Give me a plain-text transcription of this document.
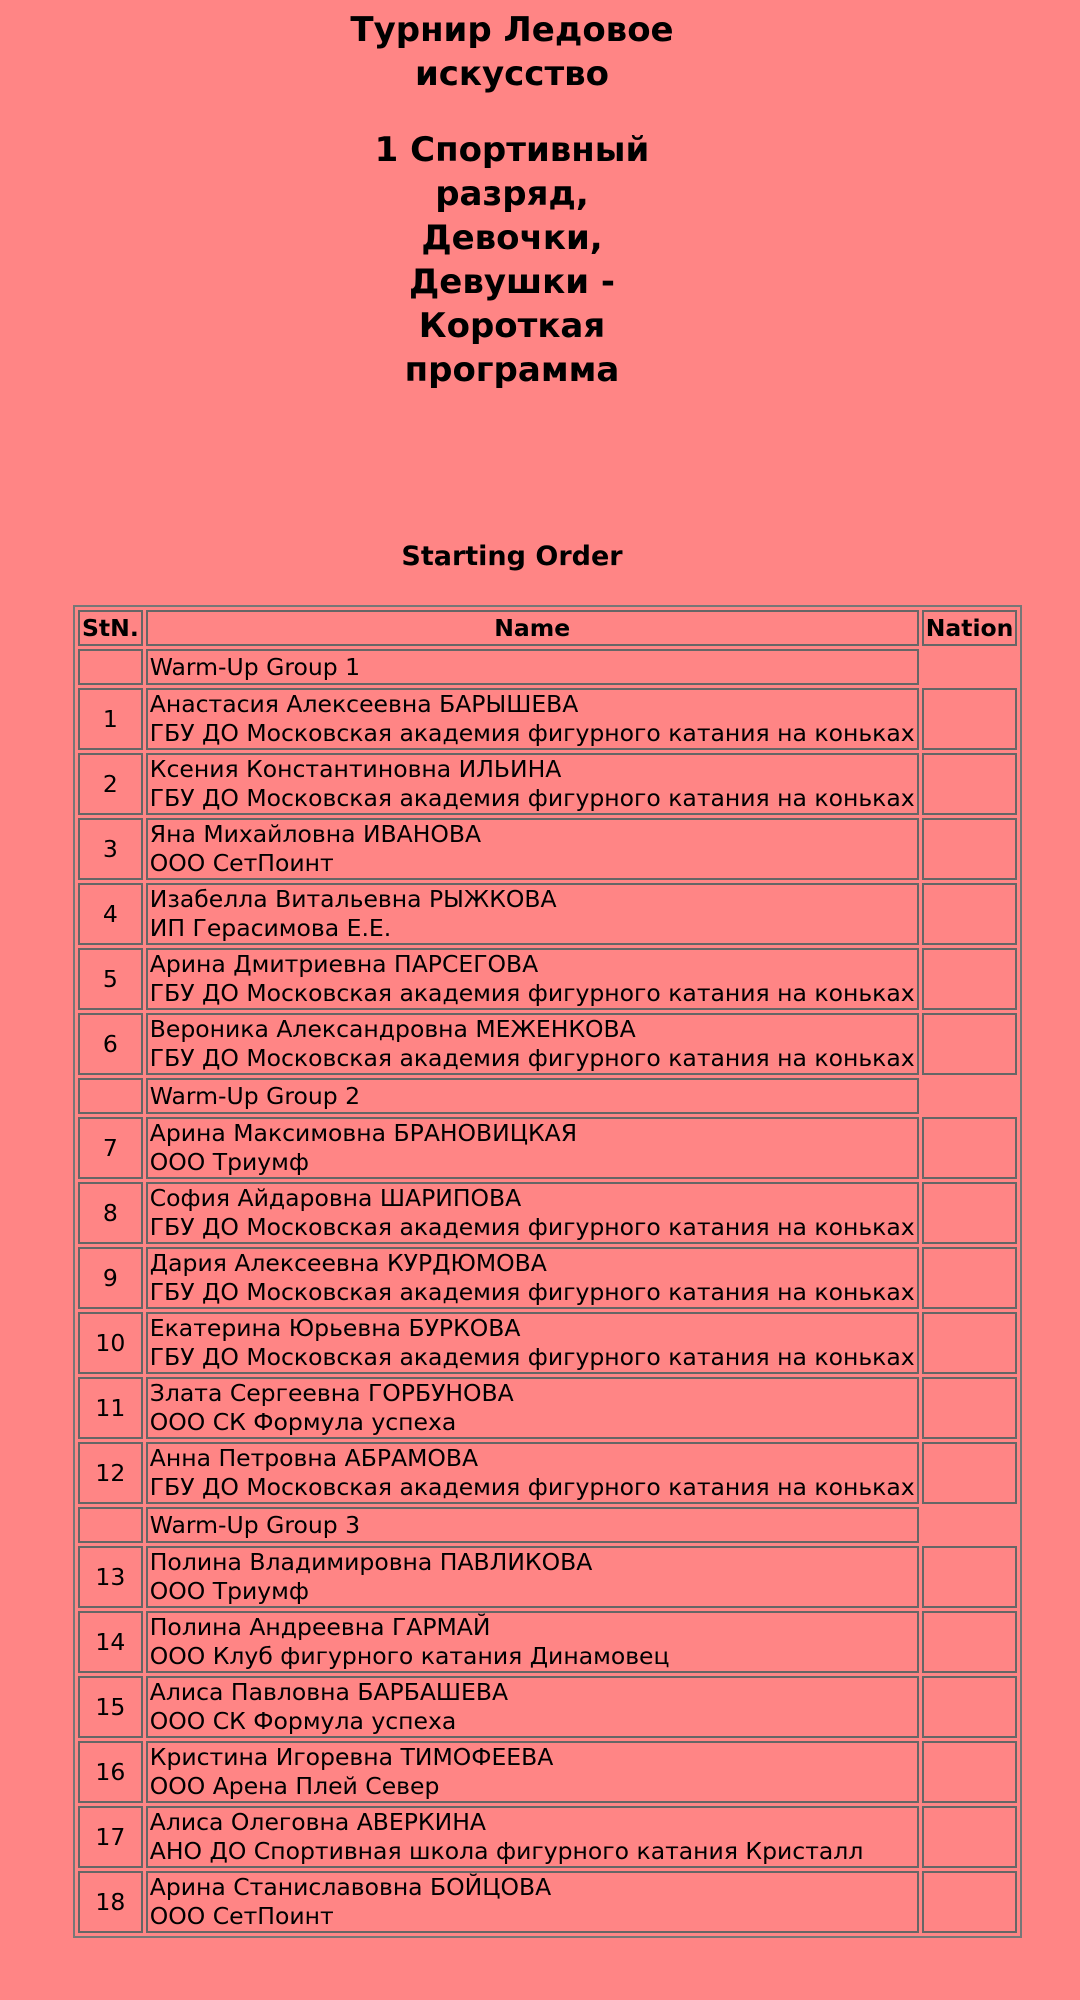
Турнир Ледовое искусство

1 Спортивный разряд, Девочки, Девушки - Короткая программа

Starting Order
StN.	Name	Nation
	Warm-Up Group 1	
1	Анастасия Алексеевна БАРЫШЕВА
ГБУ ДО Московская академия фигурного катания на коньках	

2	Ксения Константиновна ИЛЬИНА
ГБУ ДО Московская академия фигурного катания на коньках	

3	Яна Михайловна ИВАНОВА
ООО СетПоинт	

4	Изабелла Витальевна РЫЖКОВА
ИП Герасимова Е.Е.	

5	Арина Дмитриевна ПАРСЕГОВА
ГБУ ДО Московская академия фигурного катания на коньках	

6	Вероника Александровна МЕЖЕНКОВА
ГБУ ДО Московская академия фигурного катания на коньках	

	Warm-Up Group 2	
7	Арина Максимовна БРАНОВИЦКАЯ
ООО Триумф	

8	София Айдаровна ШАРИПОВА
ГБУ ДО Московская академия фигурного катания на коньках	

9	Дария Алексеевна КУРДЮМОВА
ГБУ ДО Московская академия фигурного катания на коньках	

10	Екатерина Юрьевна БУРКОВА
ГБУ ДО Московская академия фигурного катания на коньках	

11	Злата Сергеевна ГОРБУНОВА
ООО СК Формула успеха	

12	Анна Петровна АБРАМОВА
ГБУ ДО Московская академия фигурного катания на коньках	

	Warm-Up Group 3	
13	Полина Владимировна ПАВЛИКОВА
ООО Триумф	

14	Полина Андреевна ГАРМАЙ
ООО Клуб фигурного катания Динамовец	

15	Алиса Павловна БАРБАШЕВА
ООО СК Формула успеха	

16	Кристина Игоревна ТИМОФЕЕВА
ООО Арена Плей Север	

17	Алиса Олеговна АВЕРКИНА
АНО ДО Спортивная школа фигурного катания Кристалл	

18	Арина Станиславовна БОЙЦОВА
ООО СетПоинт	
